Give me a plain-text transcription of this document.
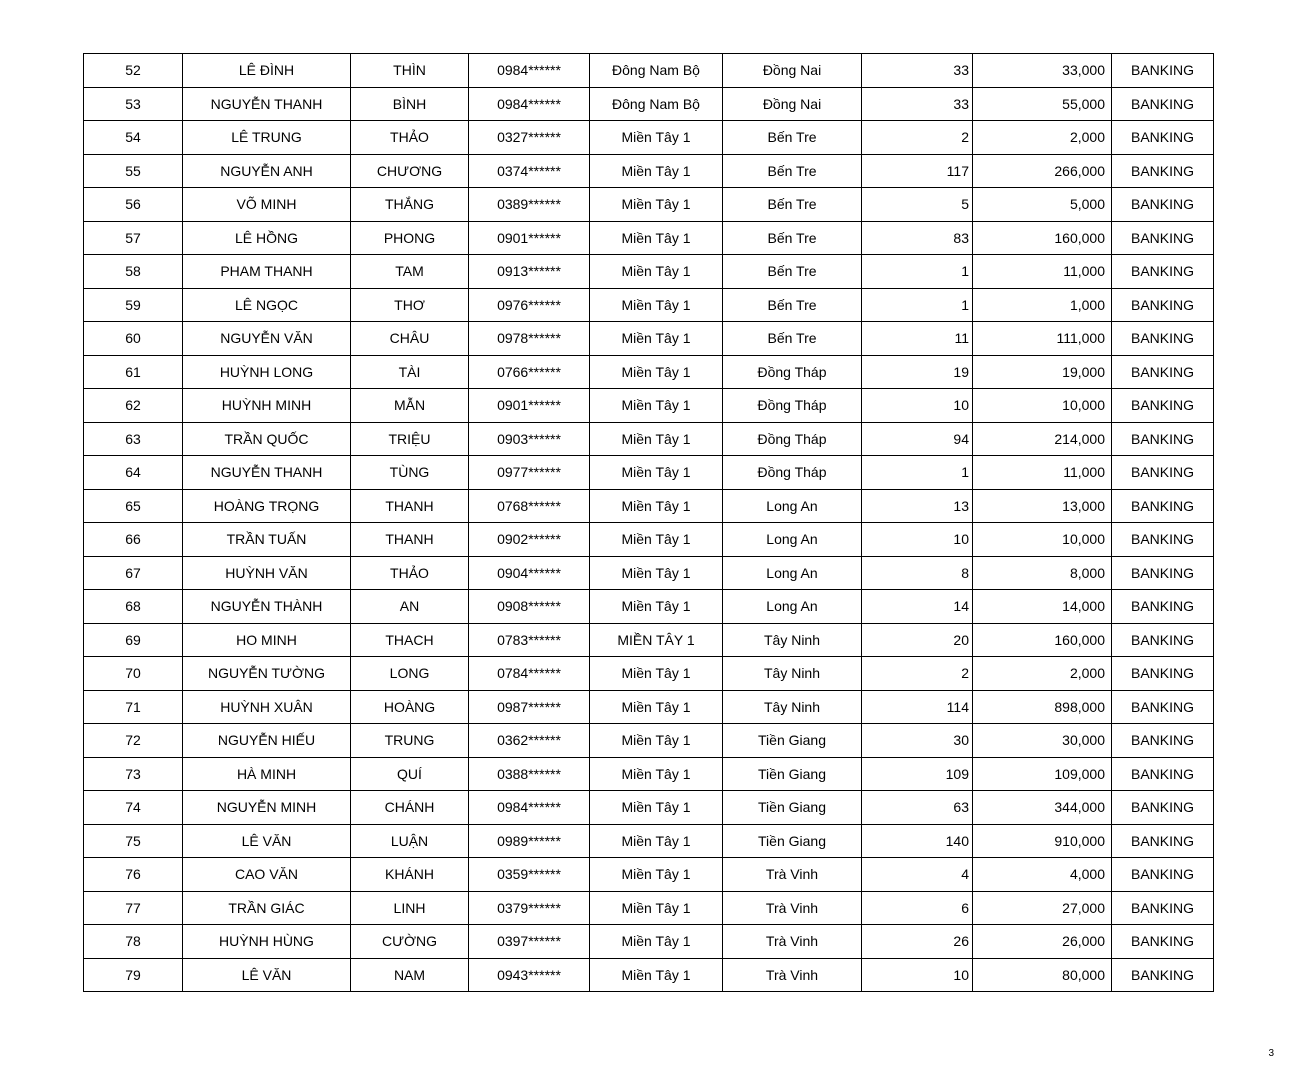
52	LÊ ĐÌNH	THÌN	0984******	Đông Nam Bộ	Đồng Nai	33	33,000	BANKING
53	NGUYỄN THANH	BÌNH	0984******	Đông Nam Bộ	Đồng Nai	33	55,000	BANKING
54	LÊ TRUNG	THẢO	0327******	Miền Tây 1	Bến Tre	2	2,000	BANKING
55	NGUYỄN ANH	CHƯƠNG	0374******	Miền Tây 1	Bến Tre	117	266,000	BANKING
56	VÕ MINH	THẮNG	0389******	Miền Tây 1	Bến Tre	5	5,000	BANKING
57	LÊ HỒNG	PHONG	0901******	Miền Tây 1	Bến Tre	83	160,000	BANKING
58	PHAM THANH	TAM	0913******	Miền Tây 1	Bến Tre	1	11,000	BANKING
59	LÊ NGỌC	THƠ	0976******	Miền Tây 1	Bến Tre	1	1,000	BANKING
60	NGUYỄN VĂN	CHÂU	0978******	Miền Tây 1	Bến Tre	11	111,000	BANKING
61	HUỲNH LONG	TÀI	0766******	Miền Tây 1	Đồng Tháp	19	19,000	BANKING
62	HUỲNH MINH	MẪN	0901******	Miền Tây 1	Đồng Tháp	10	10,000	BANKING
63	TRẦN QUỐC	TRIỆU	0903******	Miền Tây 1	Đồng Tháp	94	214,000	BANKING
64	NGUYỄN THANH	TÙNG	0977******	Miền Tây 1	Đồng Tháp	1	11,000	BANKING
65	HOÀNG TRỌNG	THANH	0768******	Miền Tây 1	Long An	13	13,000	BANKING
66	TRẦN TUẤN	THANH	0902******	Miền Tây 1	Long An	10	10,000	BANKING
67	HUỲNH VĂN	THẢO	0904******	Miền Tây 1	Long An	8	8,000	BANKING
68	NGUYỄN THÀNH	AN	0908******	Miền Tây 1	Long An	14	14,000	BANKING
69	HO MINH	THACH	0783******	MIỀN TÂY 1	Tây Ninh	20	160,000	BANKING
70	NGUYỄN TƯỜNG	LONG	0784******	Miền Tây 1	Tây Ninh	2	2,000	BANKING
71	HUỲNH XUÂN	HOÀNG	0987******	Miền Tây 1	Tây Ninh	114	898,000	BANKING
72	NGUYỄN HIẾU	TRUNG	0362******	Miền Tây 1	Tiền Giang	30	30,000	BANKING
73	HÀ MINH	QUÍ	0388******	Miền Tây 1	Tiền Giang	109	109,000	BANKING
74	NGUYỄN MINH	CHÁNH	0984******	Miền Tây 1	Tiền Giang	63	344,000	BANKING
75	LÊ VĂN	LUẬN	0989******	Miền Tây 1	Tiền Giang	140	910,000	BANKING
76	CAO VĂN	KHÁNH	0359******	Miền Tây 1	Trà Vinh	4	4,000	BANKING
77	TRẦN GIÁC	LINH	0379******	Miền Tây 1	Trà Vinh	6	27,000	BANKING
78	HUỲNH HÙNG	CƯỜNG	0397******	Miền Tây 1	Trà Vinh	26	26,000	BANKING
79	LÊ VĂN	NAM	0943******	Miền Tây 1	Trà Vinh	10	80,000	BANKING
3
